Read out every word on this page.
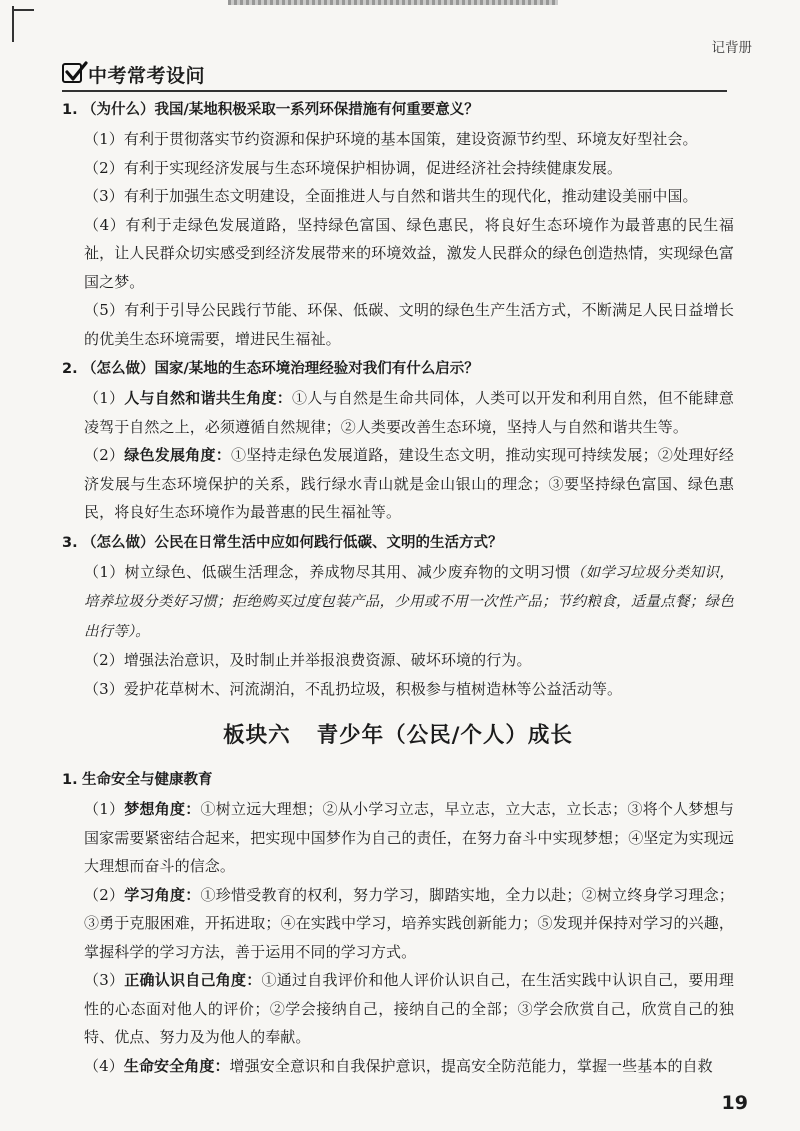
记背册
中考常考设问
1. （为什么）我国/某地积极采取一系列环保措施有何重要意义？
（1）有利于贯彻落实节约资源和保护环境的基本国策，建设资源节约型、环境友好型社会。
（2）有利于实现经济发展与生态环境保护相协调，促进经济社会持续健康发展。
（3）有利于加强生态文明建设，全面推进人与自然和谐共生的现代化，推动建设美丽中国。
（4）有利于走绿色发展道路，坚持绿色富国、绿色惠民，将良好生态环境作为最普惠的民生福祉，让人民群众切实感受到经济发展带来的环境效益，激发人民群众的绿色创造热情，实现绿色富国之梦。
（5）有利于引导公民践行节能、环保、低碳、文明的绿色生产生活方式，不断满足人民日益增长的优美生态环境需要，增进民生福祉。
2. （怎么做）国家/某地的生态环境治理经验对我们有什么启示？
（1）人与自然和谐共生角度：①人与自然是生命共同体，人类可以开发和利用自然，但不能肆意凌驾于自然之上，必须遵循自然规律；②人类要改善生态环境，坚持人与自然和谐共生等。
（2）绿色发展角度：①坚持走绿色发展道路，建设生态文明，推动实现可持续发展；②处理好经济发展与生态环境保护的关系，践行绿水青山就是金山银山的理念；③要坚持绿色富国、绿色惠民，将良好生态环境作为最普惠的民生福祉等。
3. （怎么做）公民在日常生活中应如何践行低碳、文明的生活方式？
（1）树立绿色、低碳生活理念，养成物尽其用、减少废弃物的文明习惯（如学习垃圾分类知识，培养垃圾分类好习惯；拒绝购买过度包装产品，少用或不用一次性产品；节约粮食，适量点餐；绿色出行等）。
（2）增强法治意识，及时制止并举报浪费资源、破坏环境的行为。
（3）爱护花草树木、河流湖泊，不乱扔垃圾，积极参与植树造林等公益活动等。
板块六 青少年（公民/个人）成长
1. 生命安全与健康教育
（1）梦想角度：①树立远大理想；②从小学习立志，早立志，立大志，立长志；③将个人梦想与国家需要紧密结合起来，把实现中国梦作为自己的责任，在努力奋斗中实现梦想；④坚定为实现远大理想而奋斗的信念。
（2）学习角度：①珍惜受教育的权利，努力学习，脚踏实地，全力以赴；②树立终身学习理念；③勇于克服困难，开拓进取；④在实践中学习，培养实践创新能力；⑤发现并保持对学习的兴趣，掌握科学的学习方法，善于运用不同的学习方式。
（3）正确认识自己角度：①通过自我评价和他人评价认识自己，在生活实践中认识自己，要用理性的心态面对他人的评价；②学会接纳自己，接纳自己的全部；③学会欣赏自己，欣赏自己的独特、优点、努力及为他人的奉献。
（4）生命安全角度：增强安全意识和自我保护意识，提高安全防范能力，掌握一些基本的自救
19
